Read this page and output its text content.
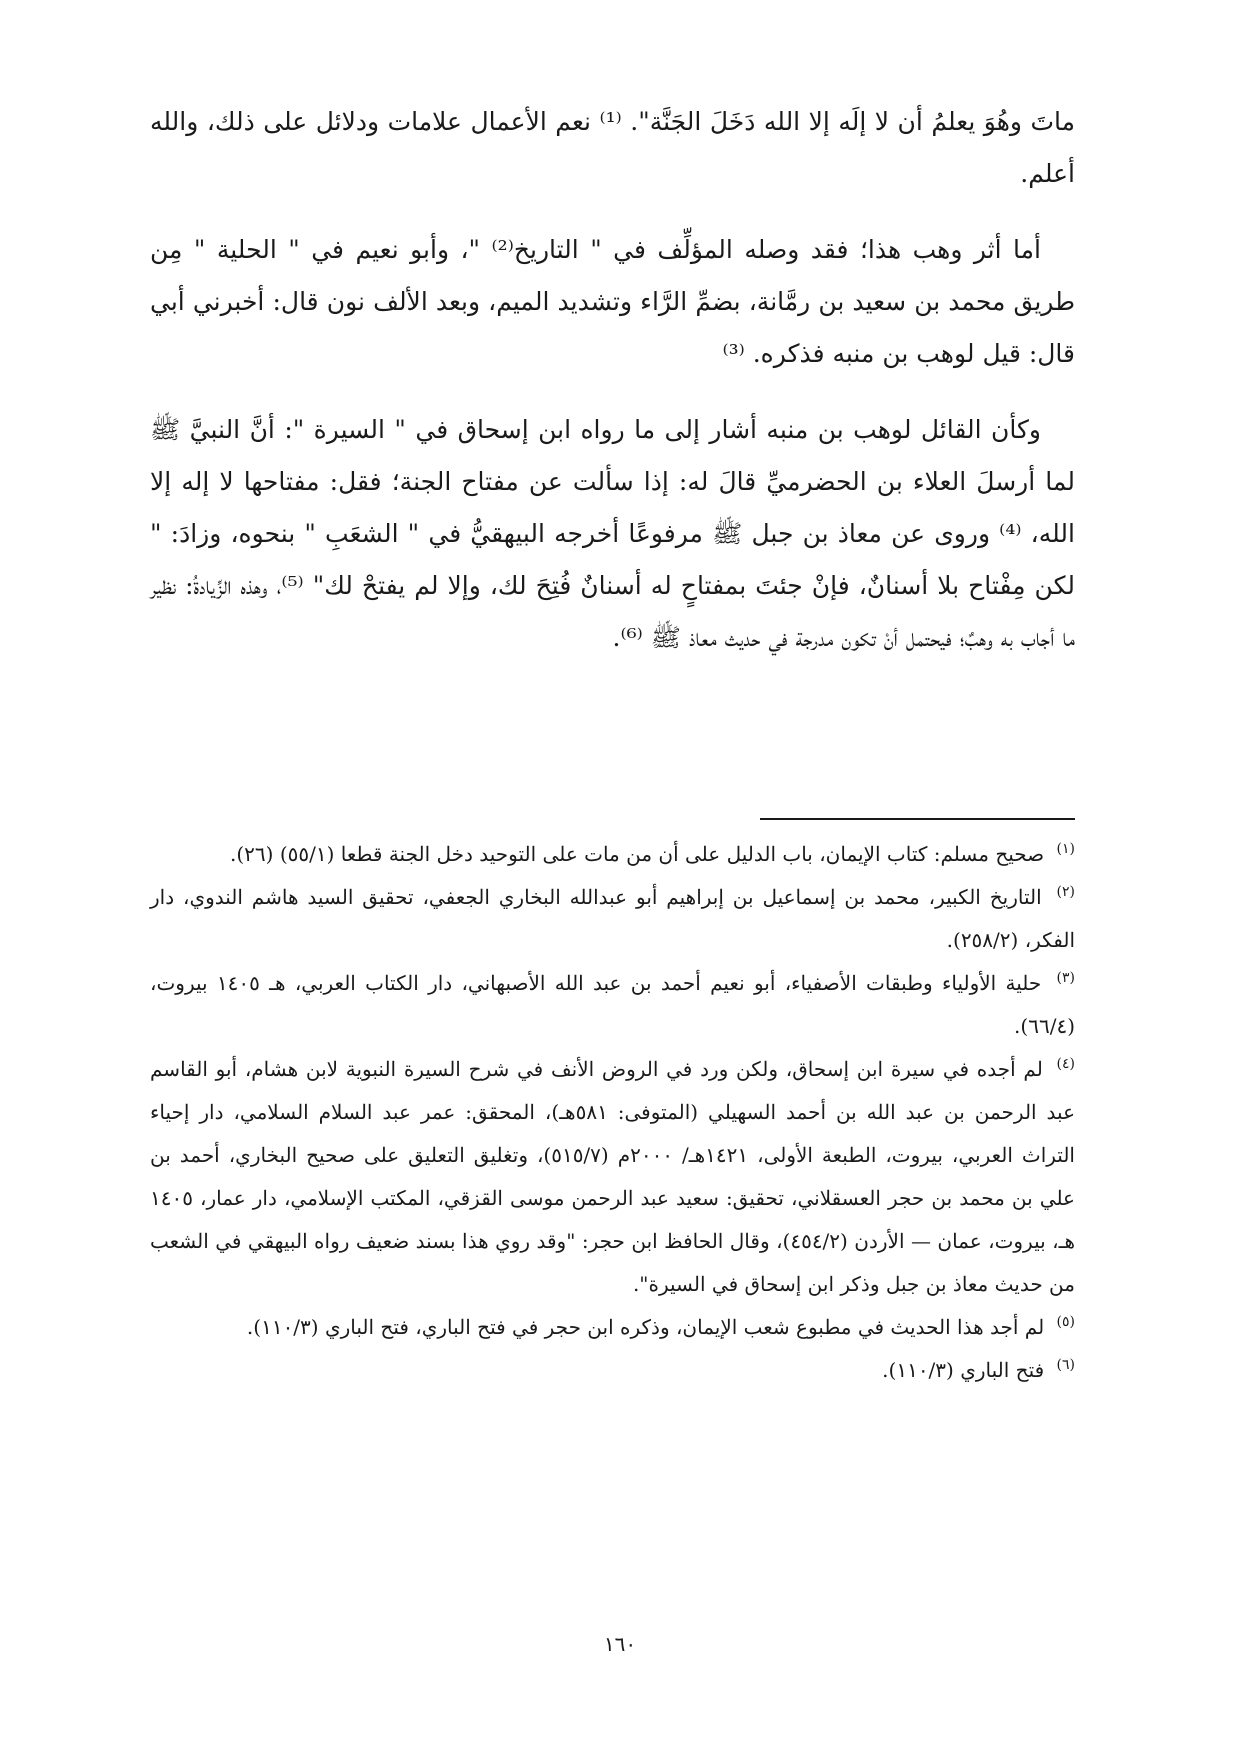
ماتَ وهُوَ يعلمُ أن لا إلَه إلا الله دَخَلَ الجَنَّة". ⁽¹⁾ نعم الأعمال علامات ودلائل على ذلك، والله أعلم.

أما أثر وهب هذا؛ فقد وصله المؤلِّف في " التاريخ⁽²⁾ "، وأبو نعيم في " الحلية " مِن طريق محمد بن سعيد بن رمَّانة، بضمِّ الرَّاء وتشديد الميم، وبعد الألف نون قال: أخبرني أبي قال: قيل لوهب بن منبه فذكره. ⁽³⁾

وكأن القائل لوهب بن منبه أشار إلى ما رواه ابن إسحاق في " السيرة ": أنَّ النبيَّ ﷺ لما أرسلَ العلاء بن الحضرميِّ قالَ له: إذا سألت عن مفتاح الجنة؛ فقل: مفتاحها لا إله إلا الله، ⁽⁴⁾ وروى عن معاذ بن جبل ﷺ مرفوعًا أخرجه البيهقيُّ في " الشعَبِ " بنحوه، وزادَ: " لكن مِفْتاح بلا أسنانٌ، فإنْ جئتَ بمفتاحٍ له أسنانٌ فُتِحَ لك، وإلا لم يفتحْ لك" ⁽⁵⁾، وهذه الزِّيادةُ: نظير ما أجاب به وهبٌ؛ فيحتمل أنْ تكون مدرجة في حديث معاذ ﷺ ⁽⁶⁾.

$^{(١)}$ صحيح مسلم: كتاب الإيمان، باب الدليل على أن من مات على التوحيد دخل الجنة قطعا (٥٥/١) (٢٦).

$^{(٢)}$ التاريخ الكبير، محمد بن إسماعيل بن إبراهيم أبو عبدالله البخاري الجعفي، تحقيق السيد هاشم الندوي، دار الفكر، (٢٥٨/٢).

$^{(٣)}$ حلية الأولياء وطبقات الأصفياء، أبو نعيم أحمد بن عبد الله الأصبهاني، دار الكتاب العربي، هـ ١٤٠٥ بيروت، (٦٦/٤).

$^{(٤)}$ لم أجده في سيرة ابن إسحاق، ولكن ورد في الروض الأنف في شرح السيرة النبوية لابن هشام، أبو القاسم عبد الرحمن بن عبد الله بن أحمد السهيلي (المتوفى: ٥٨١هـ)، المحقق: عمر عبد السلام السلامي، دار إحياء التراث العربي، بيروت، الطبعة الأولى، ١٤٢١هـ/ ٢٠٠٠م (٥١٥/٧)، وتغليق التعليق على صحيح البخاري، أحمد بن علي بن محمد بن حجر العسقلاني، تحقيق: سعيد عبد الرحمن موسى القزقي، المكتب الإسلامي، دار عمار، ١٤٠٥ هـ، بيروت، عمان — الأردن (٤٥٤/٢)، وقال الحافظ ابن حجر: "وقد روي هذا بسند ضعيف رواه البيهقي في الشعب من حديث معاذ بن جبل وذكر ابن إسحاق في السيرة".

$^{(٥)}$ لم أجد هذا الحديث في مطبوع شعب الإيمان، وذكره ابن حجر في فتح الباري، فتح الباري (١١٠/٣).

$^{(٦)}$ فتح الباري (١١٠/٣).

١٦٠
